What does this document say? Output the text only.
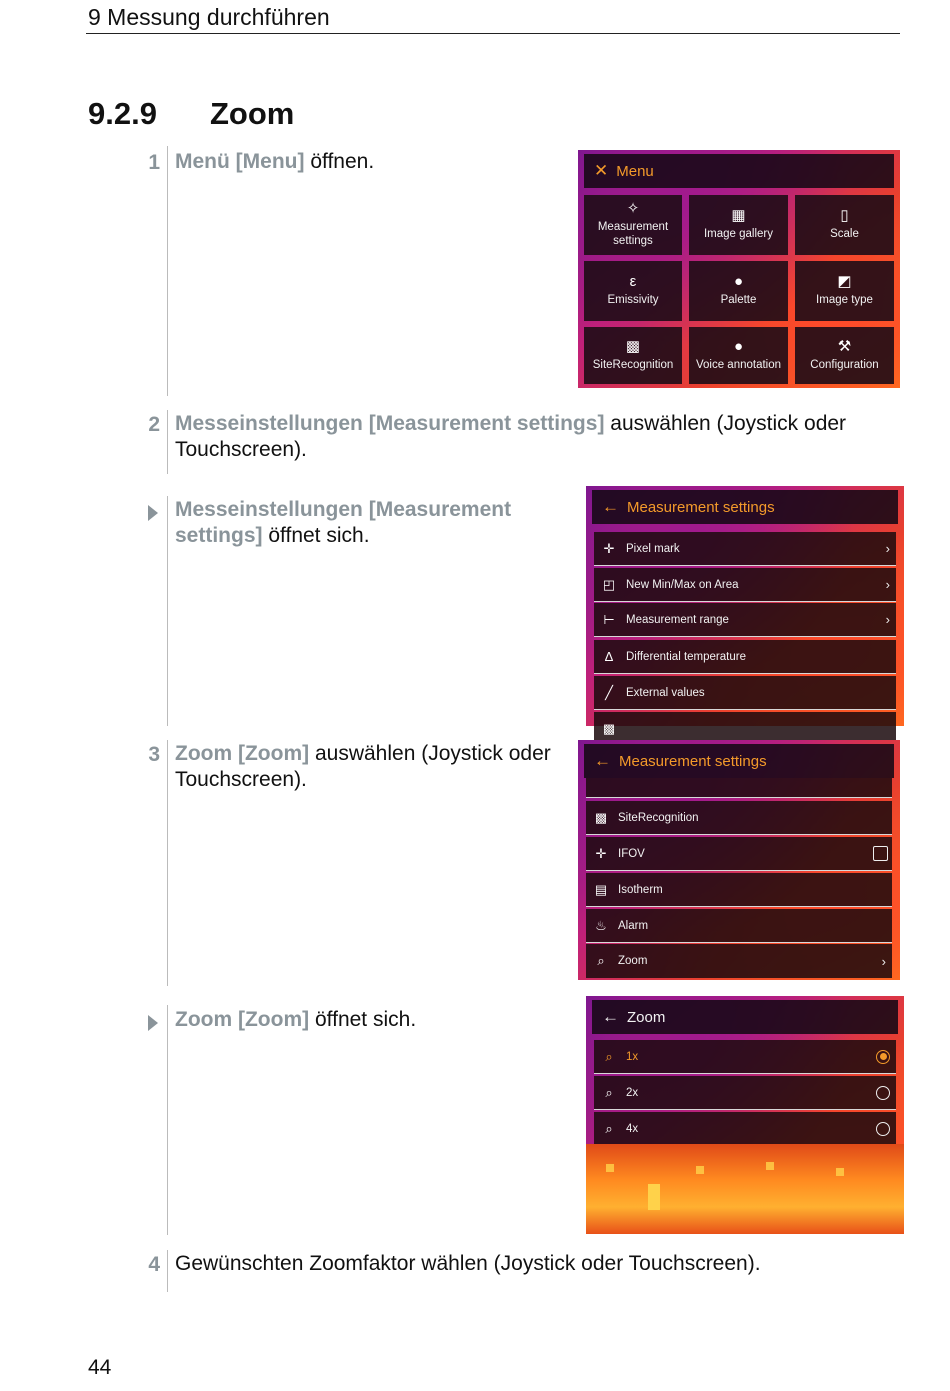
9 Messung durchführen
9.2.9 Zoom
1 Menü [Menu] öffnen.
2 Messeinstellungen [Measurement settings] auswählen (Joystick oder Touchscreen).
Messeinstellungen [Measurement settings] öffnet sich.
3 Zoom [Zoom] auswählen (Joystick oder Touchscreen).
Zoom [Zoom] öffnet sich.
4 Gewünschten Zoomfaktor wählen (Joystick oder Touchscreen).
✕ Menu
✧
Measurement settings
▦
Image gallery
▯
Scale
ε
Emissivity
●
Palette
◩
Image type
▩
SiteRecognition
●
Voice annotation
⚒
Configuration
← Measurement settings
✛	Pixel mark	›
◰ New Min/Max on Area	›
⊢ Measurement range	›
Δ	Differential temperature
╱	External values
▩
← Measurement settings
▩ SiteRecognition
✛	IFOV
▤ Isotherm
♨ Alarm
⌕	Zoom	›
← Zoom
⌕	1x
⌕	2x
⌕	4x
44
